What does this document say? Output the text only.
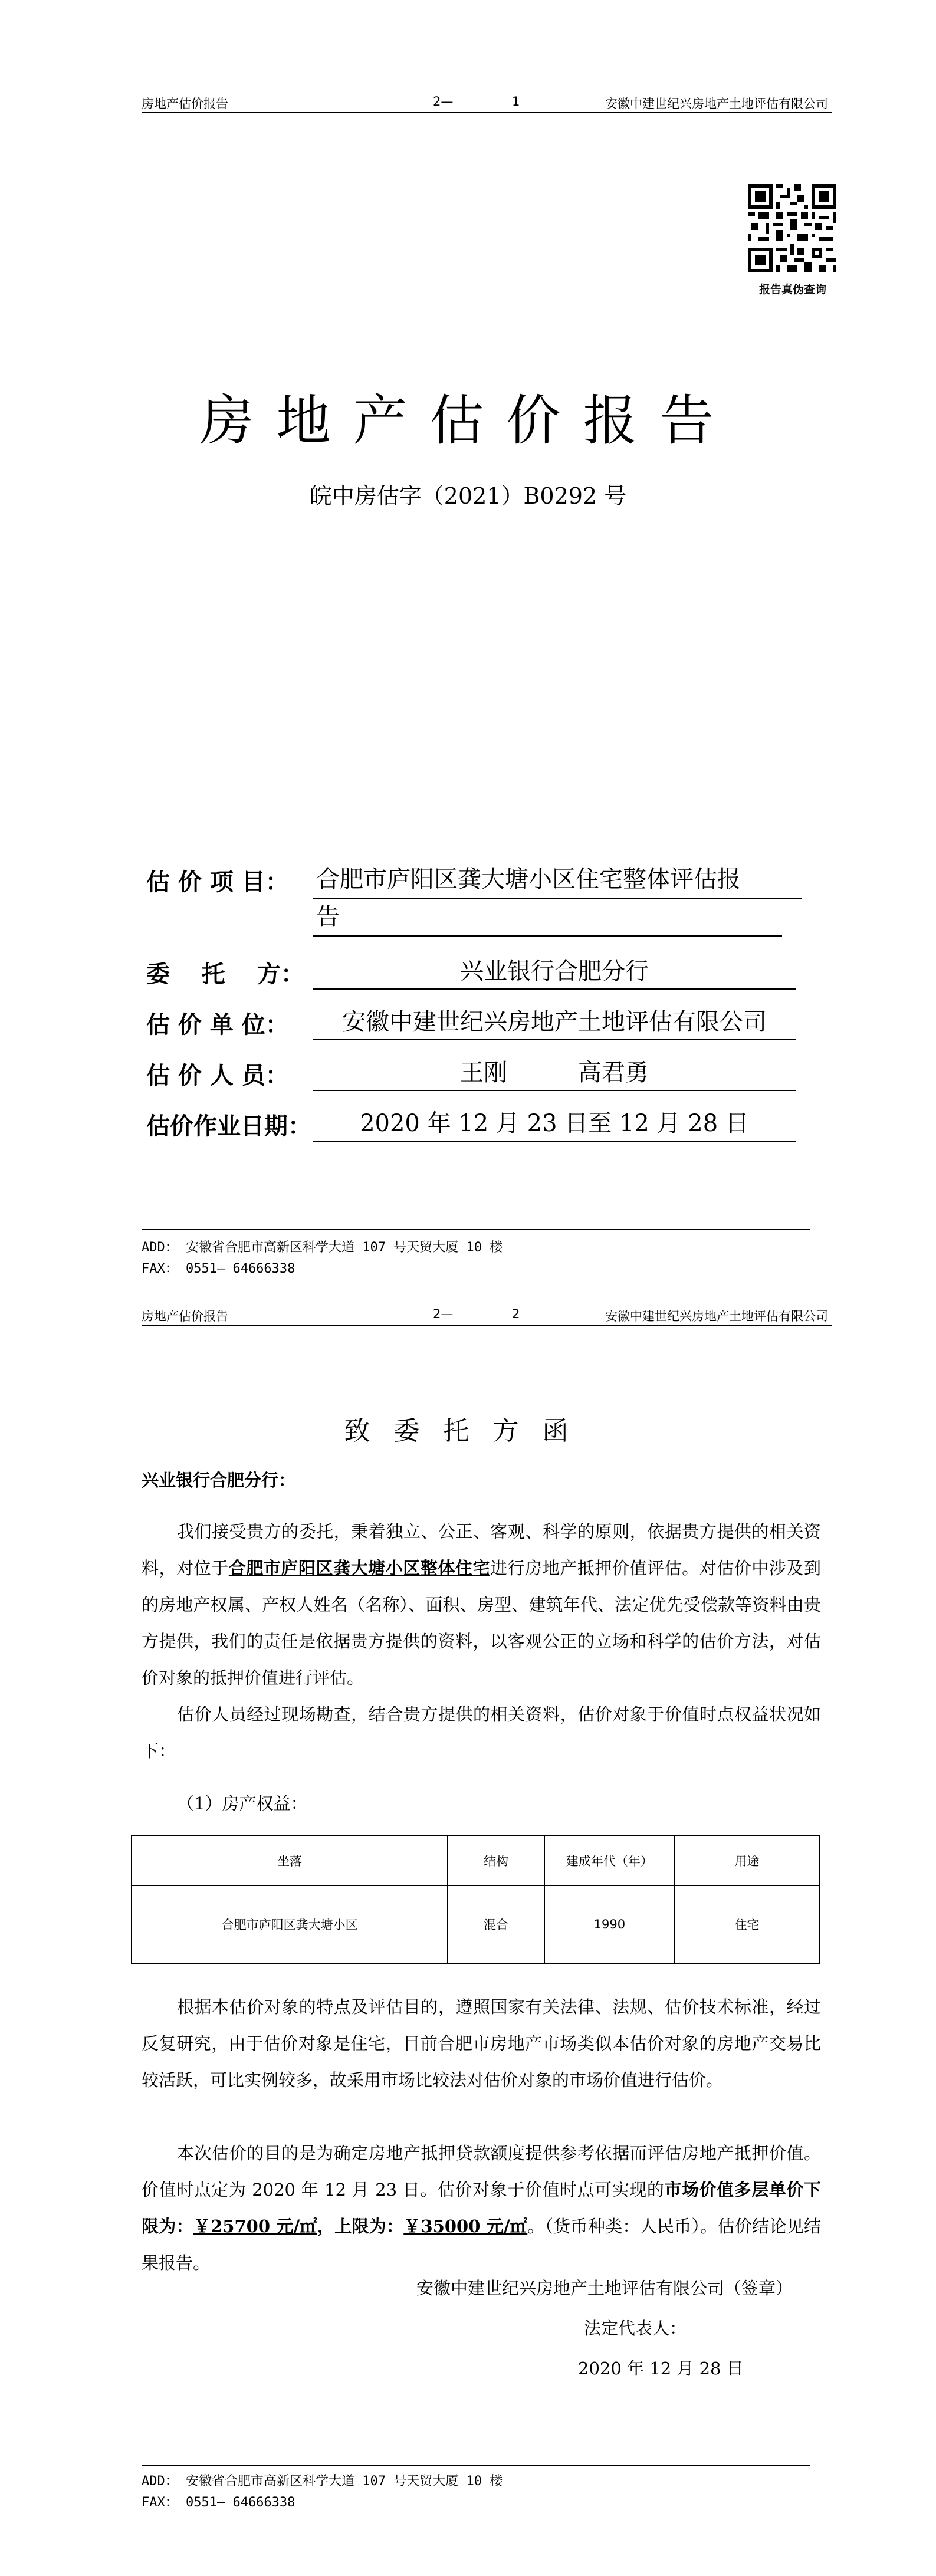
房地产估价报告	2—	1	安徽中建世纪兴房地产土地评估有限公司
报告真伪查询
房地产估价报告
皖中房估字（2021）B0292 号
估 价 项 目：	合肥市庐阳区龚大塘小区住宅整体评估报
告
委　 托　 方：	兴业银行合肥分行
估 价 单 位：	安徽中建世纪兴房地产土地评估有限公司
估 价 人 员：	王刚　　　高君勇
估价作业日期：	2020 年 12 月 23 日至 12 月 28 日
ADD： 安徽省合肥市高新区科学大道 107 号天贸大厦 10 楼
FAX： 0551— 64666338
房地产估价报告	2—	2	安徽中建世纪兴房地产土地评估有限公司
致委托方函
兴业银行合肥分行：

我们接受贵方的委托，秉着独立、公正、客观、科学的原则，依据贵方提供的相关资料，对位于合肥市庐阳区龚大塘小区整体住宅进行房地产抵押价值评估。对估价中涉及到的房地产权属、产权人姓名（名称）、面积、房型、建筑年代、法定优先受偿款等资料由贵方提供，我们的责任是依据贵方提供的资料，以客观公正的立场和科学的估价方法，对估价对象的抵押价值进行评估。

估价人员经过现场勘查，结合贵方提供的相关资料，估价对象于价值时点权益状况如下：

（1）房产权益：
坐落	结构	建成年代（年）	用途
合肥市庐阳区龚大塘小区	混合	1990	住宅

根据本估价对象的特点及评估目的，遵照国家有关法律、法规、估价技术标准，经过反复研究，由于估价对象是住宅，目前合肥市房地产市场类似本估价对象的房地产交易比较活跃，可比实例较多，故采用市场比较法对估价对象的市场价值进行估价。

本次估价的目的是为确定房地产抵押贷款额度提供参考依据而评估房地产抵押价值。价值时点定为 2020 年 12 月 23 日。估价对象于价值时点可实现的市场价值多层单价下限为：￥25700 元/㎡，上限为：￥35000 元/㎡。（货币种类：人民币）。估价结论见结果报告。

安徽中建世纪兴房地产土地评估有限公司（签章）
法定代表人：
2020 年 12 月 28 日
ADD： 安徽省合肥市高新区科学大道 107 号天贸大厦 10 楼
FAX： 0551— 64666338
